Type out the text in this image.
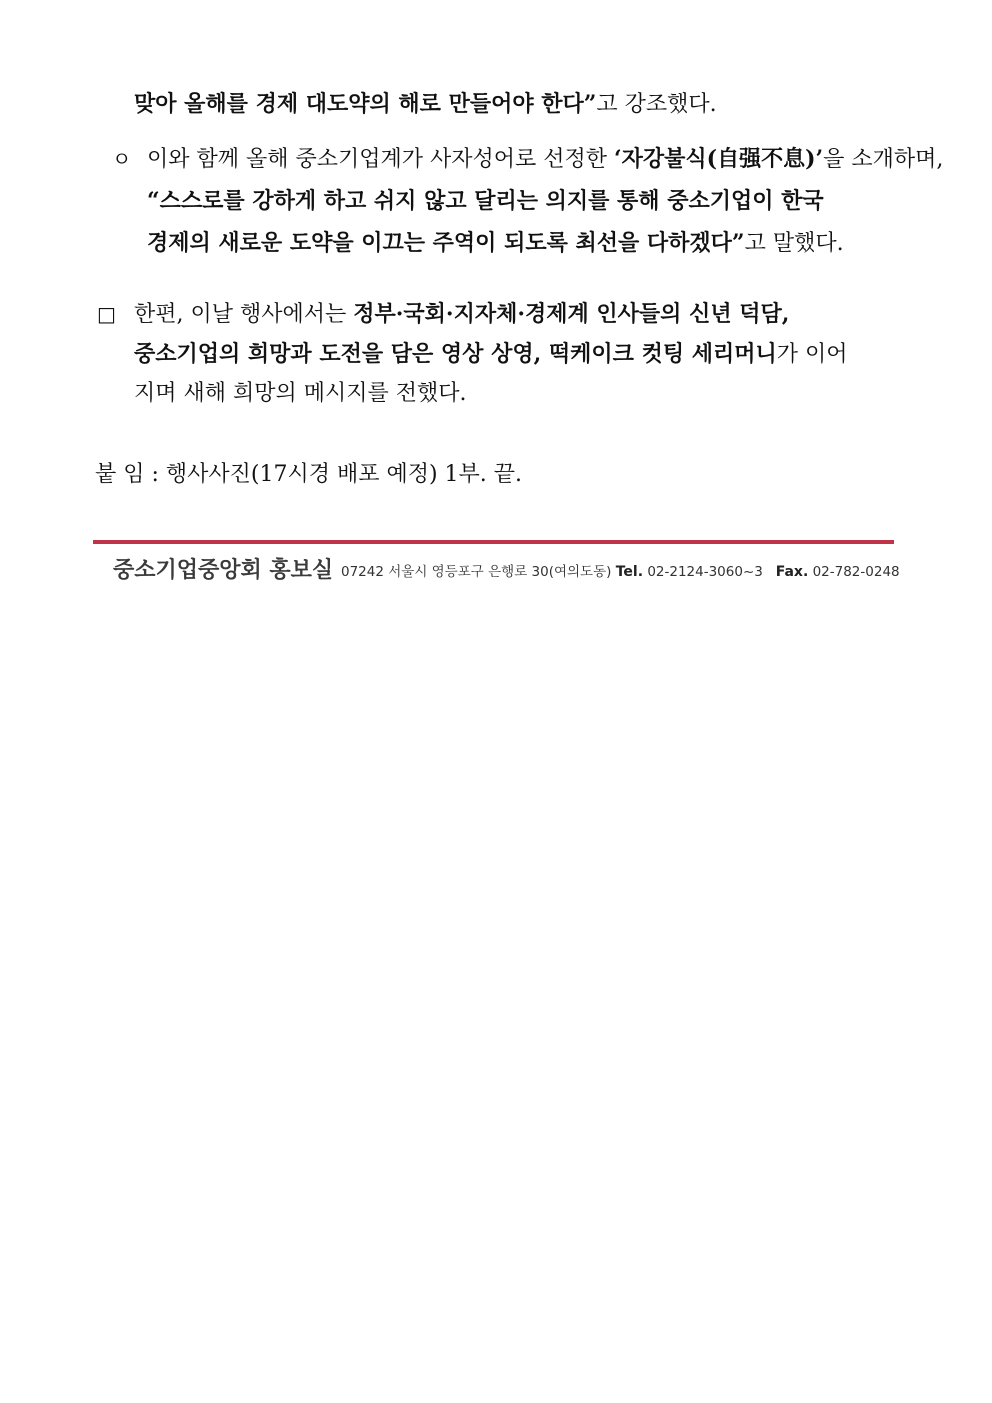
맞아 올해를 경제 대도약의 해로 만들어야 한다”고 강조했다.
ㅇ 이와 함께 올해 중소기업계가 사자성어로 선정한 ‘자강불식(自强不息)’을 소개하며,
“스스로를 강하게 하고 쉬지 않고 달리는 의지를 통해 중소기업이 한국
경제의 새로운 도약을 이끄는 주역이 되도록 최선을 다하겠다”고 말했다.
□ 한편, 이날 행사에서는 정부·국회·지자체·경제계 인사들의 신년 덕담,
중소기업의 희망과 도전을 담은 영상 상영, 떡케이크 컷팅 세리머니가 이어
지며 새해 희망의 메시지를 전했다.
붙 임 : 행사사진(17시경 배포 예정) 1부. 끝.
중소기업중앙회 홍보실 07242 서울시 영등포구 은행로 30(여의도동) Tel. 02-2124-3060~3 Fax. 02-782-0248
